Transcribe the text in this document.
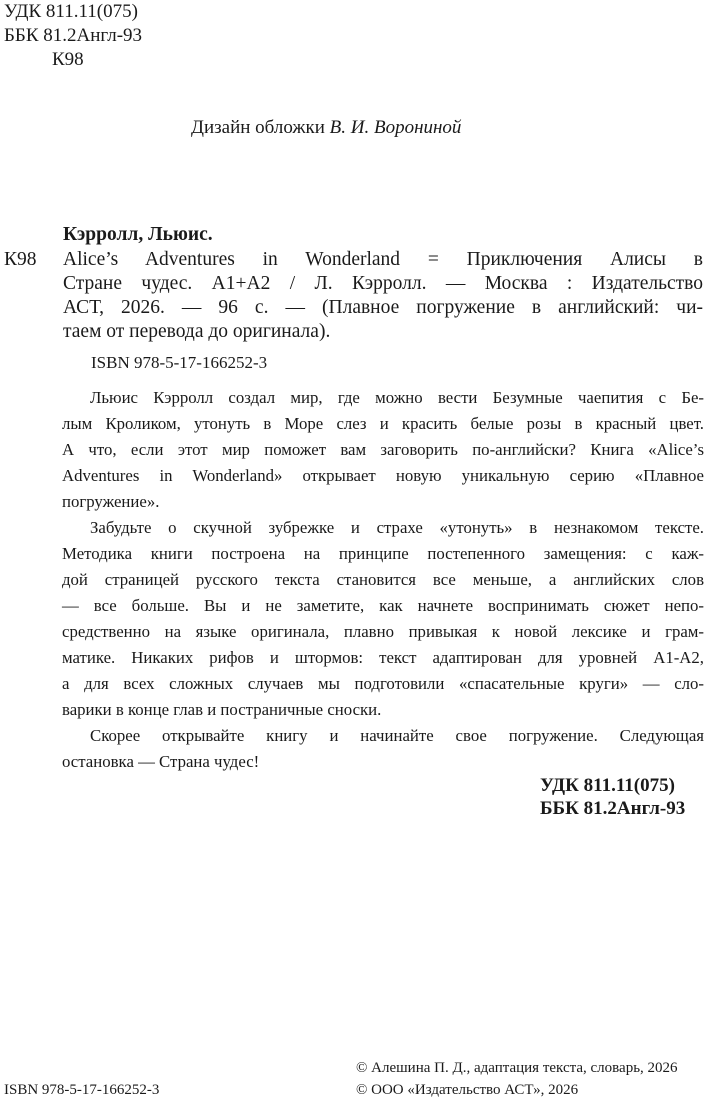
УДК 811.11(075)
ББК 81.2Англ-93
К98
Дизайн обложки В. И. Ворониной
Кэрролл, Льюис.
К98 Alice’s Adventures in Wonderland = Приключения Алисы в
Стране чудес. A1+A2 / Л. Кэрролл. — Москва : Издательство
АСТ, 2026. — 96 с. — (Плавное погружение в английский: чи-
таем от перевода до оригинала).
ISBN 978-5-17-166252-3

Льюис Кэрролл создал мир, где можно вести Безумные чаепития с Бе-
лым Кроликом, утонуть в Море слез и красить белые розы в красный цвет.
А что, если этот мир поможет вам заговорить по-английски? Книга «Alice’s
Adventures in Wonderland» открывает новую уникальную серию «Плавное
погружение».

Забудьте о скучной зубрежке и страхе «утонуть» в незнакомом тексте.
Методика книги построена на принципе постепенного замещения: с каж-
дой страницей русского текста становится все меньше, а английских слов
— все больше. Вы и не заметите, как начнете воспринимать сюжет непо-
средственно на языке оригинала, плавно привыкая к новой лексике и грам-
матике. Никаких рифов и штормов: текст адаптирован для уровней A1-A2,
а для всех сложных случаев мы подготовили «спасательные круги» — сло-
варики в конце глав и постраничные сноски.

Скорее открывайте книгу и начинайте свое погружение. Следующая
остановка — Страна чудес!

УДК 811.11(075)
ББК 81.2Англ-93
ISBN 978-5-17-166252-3
© Алешина П. Д., адаптация текста, словарь, 2026
© ООО «Издательство АСТ», 2026
